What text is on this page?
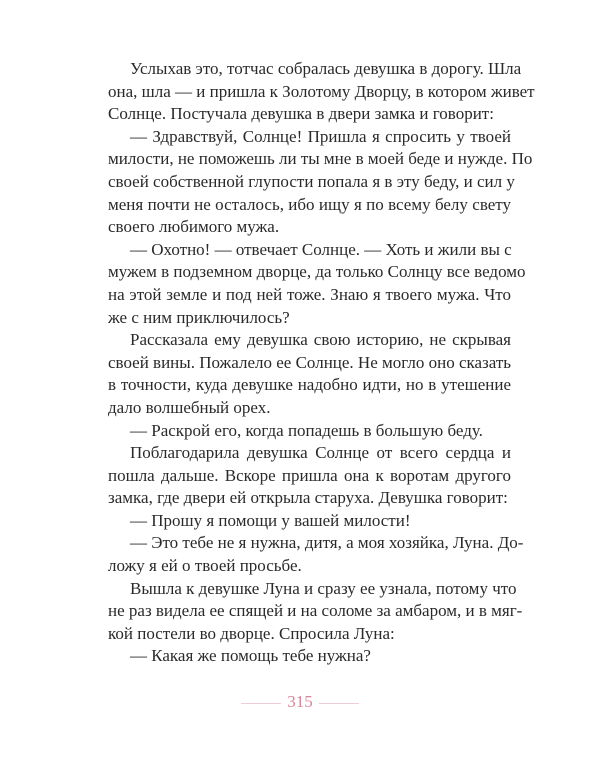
Услыхав это, тотчас собралась девушка в дорогу. Шла
она, шла — и пришла к Золотому Дворцу, в котором живет
Солнце. Постучала девушка в двери замка и говорит:
— Здравствуй, Солнце! Пришла я спросить у твоей
милости, не поможешь ли ты мне в моей беде и нужде. По
своей собственной глупости попала я в эту беду, и сил у
меня почти не осталось, ибо ищу я по всему белу свету
своего любимого мужа.
— Охотно! — отвечает Солнце. — Хоть и жили вы с
мужем в подземном дворце, да только Солнцу все ведомо
на этой земле и под ней тоже. Знаю я твоего мужа. Что
же с ним приключилось?
Рассказала ему девушка свою историю, не скрывая
своей вины. Пожалело ее Солнце. Не могло оно сказать
в точности, куда девушке надобно идти, но в утешение
дало волшебный орех.
— Раскрой его, когда попадешь в большую беду.
Поблагодарила девушка Солнце от всего сердца и
пошла дальше. Вскоре пришла она к воротам другого
замка, где двери ей открыла старуха. Девушка говорит:
— Прошу я помощи у вашей милости!
— Это тебе не я нужна, дитя, а моя хозяйка, Луна. До-
ложу я ей о твоей просьбе.
Вышла к девушке Луна и сразу ее узнала, потому что
не раз видела ее спящей и на соломе за амбаром, и в мяг-
кой постели во дворце. Спросила Луна:
— Какая же помощь тебе нужна?
315
